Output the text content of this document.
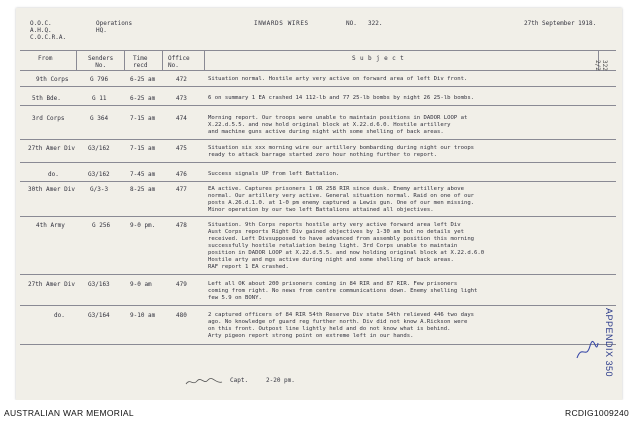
O.O.C.
A.H.Q.
C.O.C.R.A.
Operations
HQ.
INWARDS WIRES	NO. 322.	27th September 1918.
From	Senders
No.
Time
recd
Office
No.
S u b j e c t
9th Corps	G 796	6-25 am	472	Situation normal. Hostile arty very active on forward area of left Div front.
5th Bde.	G 11	6-25 am	473	6 on summary 1 EA crashed 14 112-lb and 77 25-lb bombs by night 26 25-lb bombs.
3rd Corps	G 364	7-15 am	474	Morning report. Our troops were unable to maintain positions in DADOR LOOP at
X.22.d.5.5. and now hold original block at X.22.d.6.0. Hostile artillery
and machine guns active during night with some shelling of back areas.
27th Amer Div G3/162	7-15 am	475	Situation six xxx morning wire our artillery bombarding during night our troops
ready to attack barrage started zero hour nothing further to report.
do.	G3/162	7-45 am	476	Success signals UP from left Battalion.
30th Amer Div	G/3-3	8-25 am	477	EA active. Captures prisoners 1 OR 258 RIR since dusk. Enemy artillery above
normal. Our artillery very active. General situation normal. Raid on one of our
posts A.26.d.1.0. at 1-0 pm enemy captured a Lewis gun. One of our men missing.
Minor operation by our two left Battalions attained all objectives.
4th Army	G 256	9-0 pm.	478	Situation. 9th Corps reports hostile arty very active forward area left Div
Aust Corps reports Right Div gained objectives by 1-30 am but no details yet
received. Left Divsupposed to have advanced from assembly position this morning
successfully hostile retaliation being light. 3rd Corps unable to maintain
position in DADOR LOOP at X.22.d.5.5. and now holding original block at X.22.d.6.0
Hostile arty and mgs active during night and some shelling of back areas.
RAF report 1 EA crashed.
27th Amer Div G3/163	9-0 am	479	Left all OK about 200 prisoners coming in 84 RIR and 87 RIR. Few prisoners
coming from right. No news from centre communications down. Enemy shelling light
few 5.9 on BONY.
do.	G3/164	9-10 am	480	2 captured officers of 84 RIR 54th Reserve Div state 54th relieved 446 two days
ago. No knowledge of guard reg further north. Div did not know A.Rickson were
on this front. Outpost line lightly held and do not know what is behind.
Arty pigeon report strong point on extreme left in our hands.
Capt.	2-20 pm.
322 2/2
APPENDIX 350
AUSTRALIAN WAR MEMORIAL	RCDIG1009240
